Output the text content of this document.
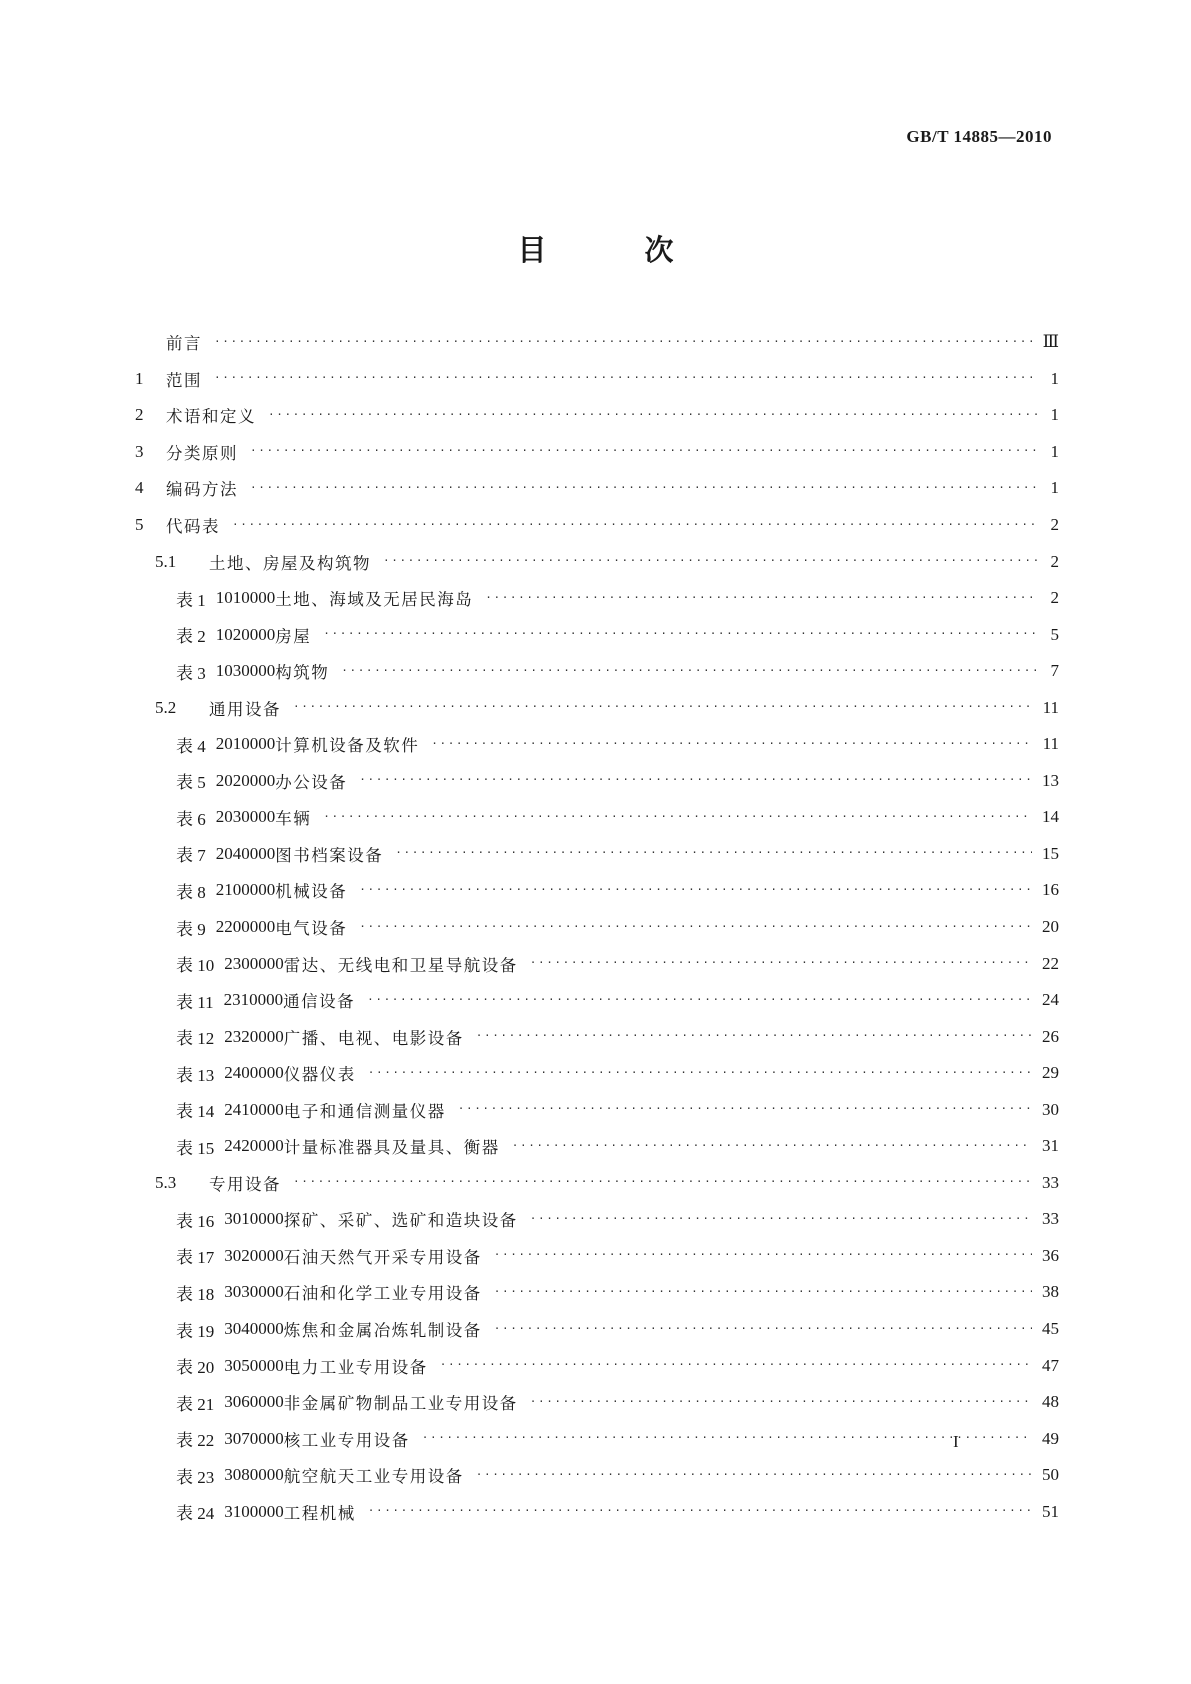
GB/T 14885—2010
目 次
前言 ·····	Ⅲ
1	范围 ·····	1
2	术语和定义 ·····	1
3	分类原则 ·····	1
4	编码方法 ·····	1
5	代码表 ·····	2
5.1	土地、房屋及构筑物 ·····	2
表 1 1010000 土地、海域及无居民海岛 ·····	2
表 2 1020000 房屋 ·····	5
表 3 1030000 构筑物 ·····	7
5.2	通用设备 ·····	11
表 4 2010000 计算机设备及软件 ·····	11
表 5 2020000 办公设备 ·····	13
表 6 2030000 车辆 ·····	14
表 7 2040000 图书档案设备 ·····	15
表 8 2100000 机械设备 ·····	16
表 9 2200000 电气设备 ·····	20
表 10 2300000 雷达、无线电和卫星导航设备 ·····	22
表 11 2310000 通信设备 ·····	24
表 12 2320000 广播、电视、电影设备 ·····	26
表 13 2400000 仪器仪表 ·····	29
表 14 2410000 电子和通信测量仪器 ·····	30
表 15 2420000 计量标准器具及量具、衡器 ·····	31
5.3	专用设备 ·····	33
表 16 3010000 探矿、采矿、选矿和造块设备 ·····	33
表 17 3020000 石油天然气开采专用设备 ·····	36
表 18 3030000 石油和化学工业专用设备 ·····	38
表 19 3040000 炼焦和金属冶炼轧制设备 ·····	45
表 20 3050000 电力工业专用设备 ·····	47
表 21 3060000 非金属矿物制品工业专用设备 ·····	48
表 22 3070000 核工业专用设备 ·····	49
表 23 3080000 航空航天工业专用设备 ·····	50
表 24 3100000 工程机械 ·····	51
I
